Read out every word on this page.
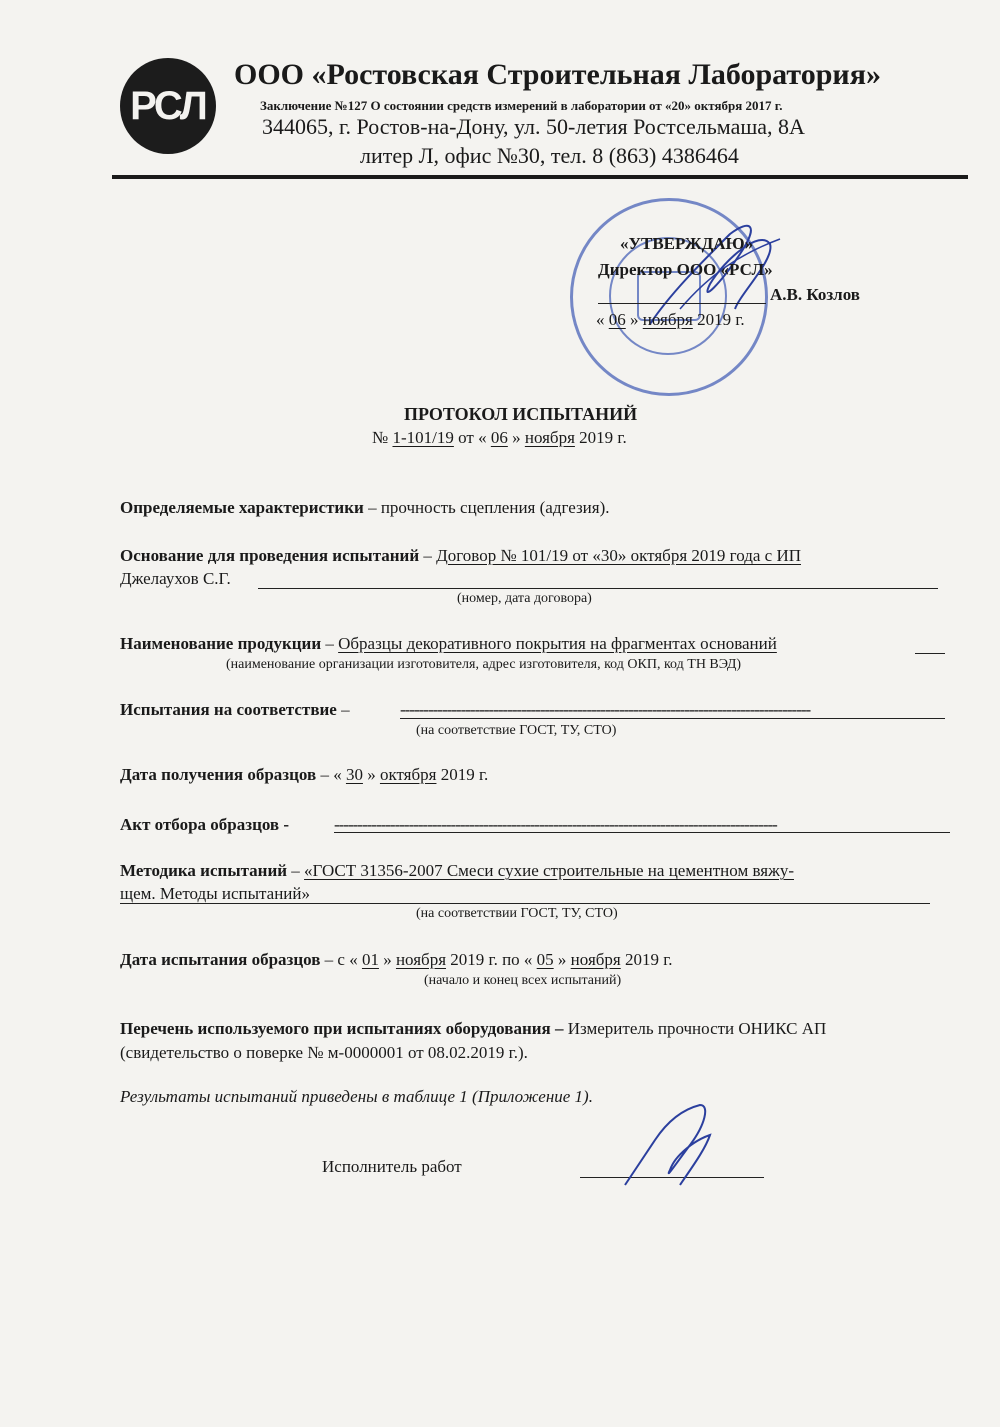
РСЛ
ООО «Ростовская Строительная Лаборатория»
Заключение №127 О состоянии средств измерений в лаборатории от «20» октября 2017 г.
344065, г. Ростов-на-Дону, ул. 50-летия Ростсельмаша, 8А
литер Л, офис №30, тел. 8 (863) 4386464
«УТВЕРЖДАЮ»
Директор ООО «РСЛ»
А.В. Козлов
« 06 » ноября 2019 г.
ПРОТОКОЛ ИСПЫТАНИЙ
№ 1-101/19 от « 06 » ноября 2019 г.
Определяемые характеристики – прочность сцепления (адгезия).
Основание для проведения испытаний – Договор № 101/19 от «30» октября 2019 года с ИП
Джелаухов С.Г.
(номер, дата договора)
Наименование продукции – Образцы декоративного покрытия на фрагментах оснований
(наименование организации изготовителя, адрес изготовителя, код ОКП, код ТН ВЭД)
Испытания на соответствие –	----------------------------------------------------------------------------------------
(на соответствие ГОСТ, ТУ, СТО)
Дата получения образцов – « 30 » октября 2019 г.
Акт отбора образцов -	-----------------------------------------------------------------------------------------------
Методика испытаний – «ГОСТ 31356-2007 Смеси сухие строительные на цементном вяжу-
щем. Методы испытаний»
(на соответствии ГОСТ, ТУ, СТО)
Дата испытания образцов – с « 01 » ноября 2019 г. по « 05 » ноября 2019 г.
(начало и конец всех испытаний)
Перечень используемого при испытаниях оборудования – Измеритель прочности ОНИКС АП
(свидетельство о поверке № м-0000001 от 08.02.2019 г.).
Результаты испытаний приведены в таблице 1 (Приложение 1).
Исполнитель работ
